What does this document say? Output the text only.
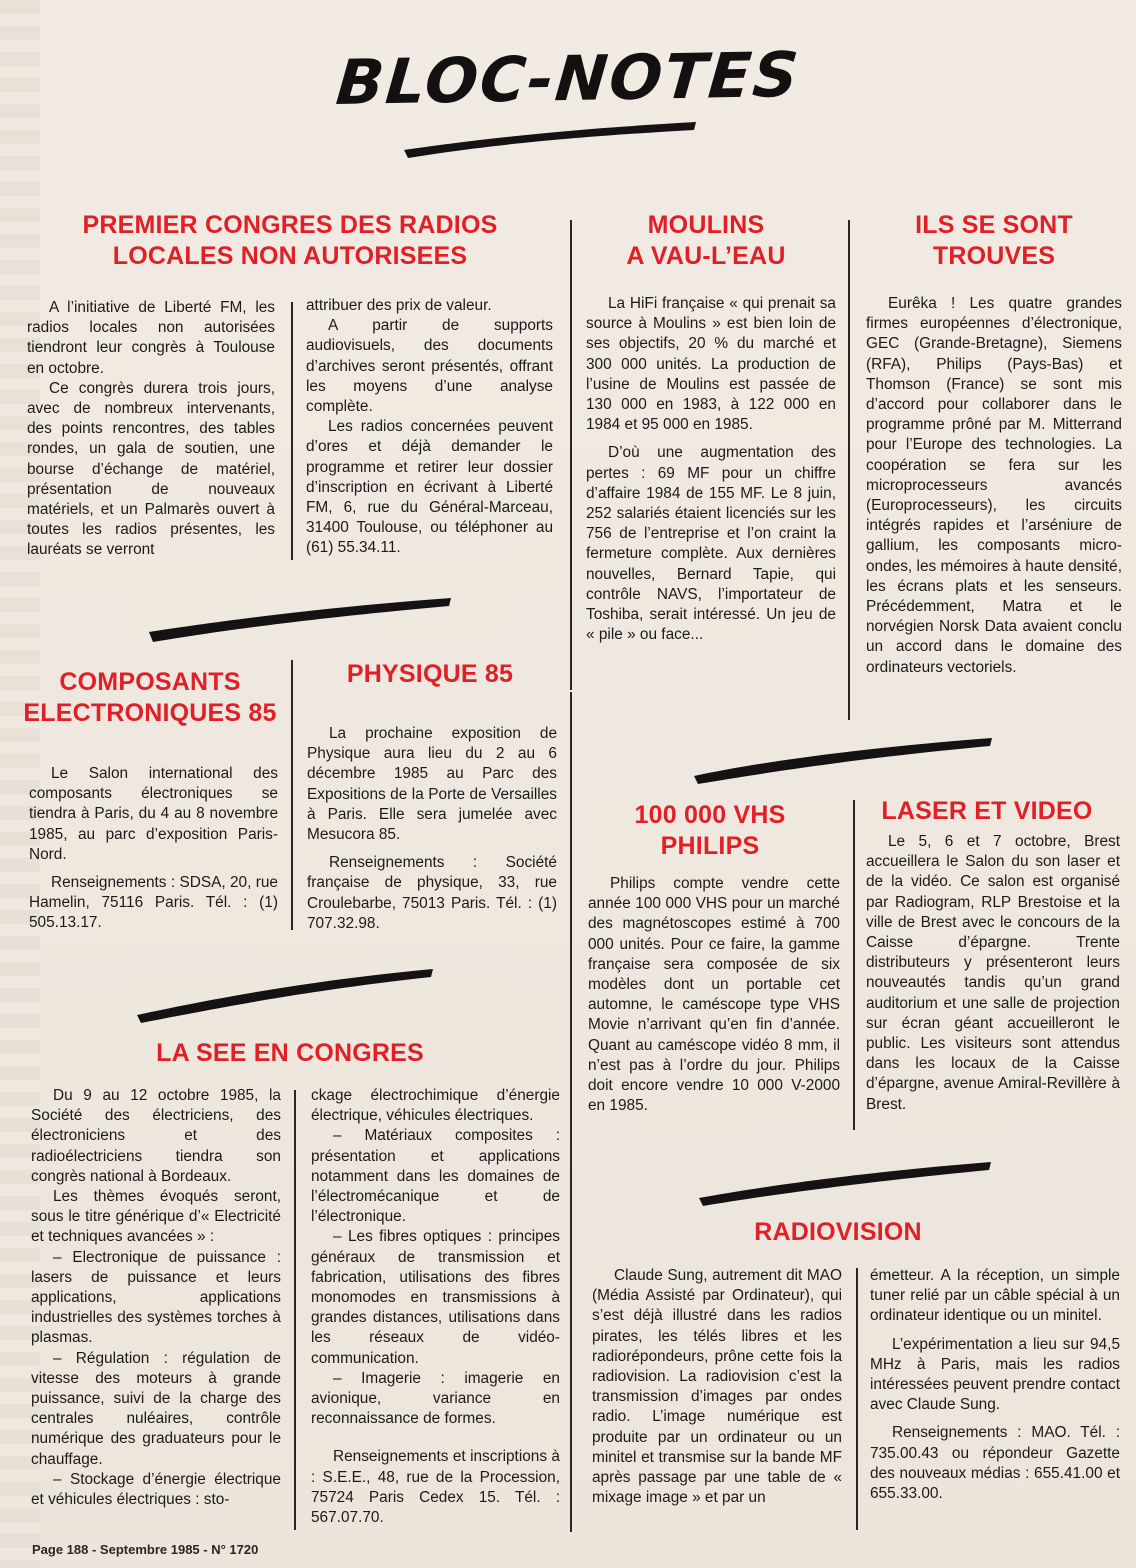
BLOC-NOTES
PREMIER CONGRES DES RADIOS
LOCALES NON AUTORISEES

A l’initiative de Liberté FM, les radios locales non autorisées tiendront leur congrès à Toulouse en octobre.

Ce congrès durera trois jours, avec de nombreux intervenants, des points rencontres, des tables rondes, un gala de soutien, une bourse d’échange de matériel, présentation de nouveaux matériels, et un Palmarès ouvert à toutes les radios présentes, les lauréats se verront

attribuer des prix de valeur.

A partir de supports audiovisuels, des documents d’archives seront présentés, offrant les moyens d’une analyse complète.

Les radios concernées peuvent d’ores et déjà demander le programme et retirer leur dossier d’inscription en écrivant à Liberté FM, 6, rue du Général-Marceau, 31400 Toulouse, ou téléphoner au (61) 55.34.11.

MOULINS
A VAU-L’EAU

La HiFi française « qui prenait sa source à Moulins » est bien loin de ses objectifs, 20 % du marché et 300 000 unités. La production de l’usine de Moulins est passée de 130 000 en 1983, à 122 000 en 1984 et 95 000 en 1985.

D’où une augmentation des pertes : 69 MF pour un chiffre d’affaire 1984 de 155 MF. Le 8 juin, 252 salariés étaient licenciés sur les 756 de l’entreprise et l’on craint la fermeture complète. Aux dernières nouvelles, Bernard Tapie, qui contrôle NAVS, l’importateur de Toshiba, serait intéressé. Un jeu de « pile » ou face...

ILS SE SONT
TROUVES

Eurêka ! Les quatre grandes firmes européennes d’électronique, GEC (Grande-Bretagne), Siemens (RFA), Philips (Pays-Bas) et Thomson (France) se sont mis d’accord pour collaborer dans le programme prôné par M. Mitterrand pour l’Europe des technologies. La coopération se fera sur les microprocesseurs avancés (Europrocesseurs), les circuits intégrés rapides et l’arséniure de gallium, les composants micro-ondes, les mémoires à haute densité, les écrans plats et les senseurs. Précédemment, Matra et le norvégien Norsk Data avaient conclu un accord dans le domaine des ordinateurs vectoriels.

COMPOSANTS
ELECTRONIQUES 85

Le Salon international des composants électroniques se tiendra à Paris, du 4 au 8 novembre 1985, au parc d’exposition Paris-Nord.

Renseignements : SDSA, 20, rue Hamelin, 75116 Paris. Tél. : (1) 505.13.17.

PHYSIQUE 85

La prochaine exposition de Physique aura lieu du 2 au 6 décembre 1985 au Parc des Expositions de la Porte de Versailles à Paris. Elle sera jumelée avec Mesucora 85.

Renseignements : Société française de physique, 33, rue Croulebarbe, 75013 Paris. Tél. : (1) 707.32.98.

100 000 VHS
PHILIPS

Philips compte vendre cette année 100 000 VHS pour un marché des magnétoscopes estimé à 700 000 unités. Pour ce faire, la gamme française sera composée de six modèles dont un portable cet automne, le caméscope type VHS Movie n’arrivant qu’en fin d’année. Quant au caméscope vidéo 8 mm, il n’est pas à l’ordre du jour. Philips doit encore vendre 10 000 V-2000 en 1985.

LASER ET VIDEO

Le 5, 6 et 7 octobre, Brest accueillera le Salon du son laser et de la vidéo. Ce salon est organisé par Radiogram, RLP Brestoise et la ville de Brest avec le concours de la Caisse d’épargne. Trente distributeurs y présenteront leurs nouveautés tandis qu’un grand auditorium et une salle de projection sur écran géant accueilleront le public. Les visiteurs sont attendus dans les locaux de la Caisse d’épargne, avenue Amiral-Revillère à Brest.

LA SEE EN CONGRES

Du 9 au 12 octobre 1985, la Société des électriciens, des électroniciens et des radioélectriciens tiendra son congrès national à Bordeaux.

Les thèmes évoqués seront, sous le titre générique d’« Electricité et techniques avancées » :

– Electronique de puissance : lasers de puissance et leurs applications, applications industrielles des systèmes torches à plasmas.

– Régulation : régulation de vitesse des moteurs à grande puissance, suivi de la charge des centrales nuléaires, contrôle numérique des graduateurs pour le chauffage.

– Stockage d’énergie électrique et véhicules électriques : sto-

ckage électrochimique d’énergie électrique, véhicules électriques.

– Matériaux composites : présentation et applications notamment dans les domaines de l’électromécanique et de l’électronique.

– Les fibres optiques : principes généraux de transmission et fabrication, utilisations des fibres monomodes en transmissions à grandes distances, utilisations dans les réseaux de vidéo-communication.

– Imagerie : imagerie en avionique, variance en reconnaissance de formes.

Renseignements et inscriptions à : S.E.E., 48, rue de la Procession, 75724 Paris Cedex 15. Tél. : 567.07.70.

RADIOVISION

Claude Sung, autrement dit MAO (Média Assisté par Ordinateur), qui s’est déjà illustré dans les radios pirates, les télés libres et les radiorépondeurs, prône cette fois la radiovision. La radiovision c’est la transmission d’images par ondes radio. L’image numérique est produite par un ordinateur ou un minitel et transmise sur la bande MF après passage par une table de « mixage image » et par un

émetteur. A la réception, un simple tuner relié par un câble spécial à un ordinateur identique ou un minitel.

L’expérimentation a lieu sur 94,5 MHz à Paris, mais les radios intéressées peuvent prendre contact avec Claude Sung.

Renseignements : MAO. Tél. : 735.00.43 ou répondeur Gazette des nouveaux médias : 655.41.00 et 655.33.00.

Page 188 - Septembre 1985 - N° 1720
